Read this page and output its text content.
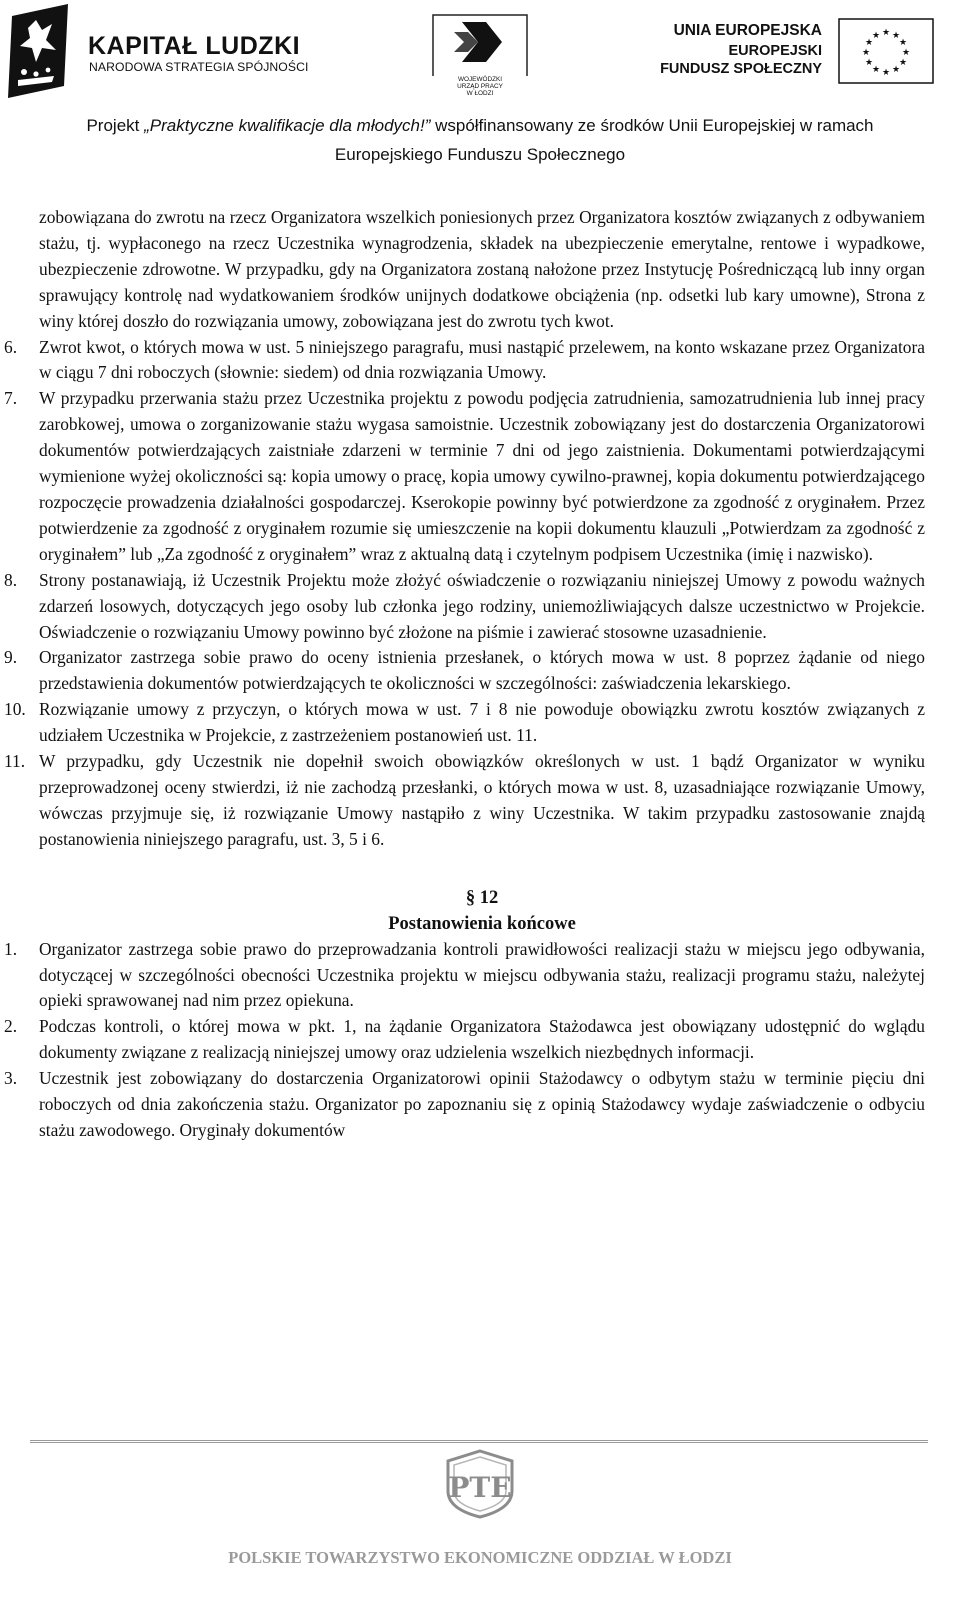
KAPITAŁ LUDZKI
NARODOWA STRATEGIA SPÓJNOŚCI
WOJEWÓDZKI
URZĄD PRACY
W ŁODZI
UNIA EUROPEJSKA
EUROPEJSKI
FUNDUSZ SPOŁECZNY
★ ★
★
★
★
★
★
★
★
★
★
★
Projekt „Praktyczne kwalifikacje dla młodych!” współfinansowany ze środków Unii Europejskiej w ramach
Europejskiego Funduszu Społecznego
zobowiązana do zwrotu na rzecz Organizatora wszelkich poniesionych przez Organizatora kosztów związanych z odbywaniem stażu, tj. wypłaconego na rzecz Uczestnika wynagrodzenia, składek na ubezpieczenie emerytalne, rentowe i wypadkowe, ubezpieczenie zdrowotne. W przypadku, gdy na Organizatora zostaną nałożone przez Instytucję Pośredniczącą lub inny organ sprawujący kontrolę nad wydatkowaniem środków unijnych dodatkowe obciążenia (np. odsetki lub kary umowne), Strona z winy której doszło do rozwiązania umowy, zobowiązana jest do zwrotu tych kwot.
6. Zwrot kwot, o których mowa w ust. 5 niniejszego paragrafu, musi nastąpić przelewem, na konto wskazane przez Organizatora w ciągu 7 dni roboczych (słownie: siedem) od dnia rozwiązania Umowy.
7. W przypadku przerwania stażu przez Uczestnika projektu z powodu podjęcia zatrudnienia, samozatrudnienia lub innej pracy zarobkowej, umowa o zorganizowanie stażu wygasa samoistnie. Uczestnik zobowiązany jest do dostarczenia Organizatorowi dokumentów potwierdzających zaistniałe zdarzeni w terminie 7 dni od jego zaistnienia. Dokumentami potwierdzającymi wymienione wyżej okoliczności są: kopia umowy o pracę, kopia umowy cywilno-prawnej, kopia dokumentu potwierdzającego rozpoczęcie prowadzenia działalności gospodarczej. Kserokopie powinny być potwierdzone za zgodność z oryginałem. Przez potwierdzenie za zgodność z oryginałem rozumie się umieszczenie na kopii dokumentu klauzuli „Potwierdzam za zgodność z oryginałem” lub „Za zgodność z oryginałem” wraz z aktualną datą i czytelnym podpisem Uczestnika (imię i nazwisko).
8. Strony postanawiają, iż Uczestnik Projektu może złożyć oświadczenie o rozwiązaniu niniejszej Umowy z powodu ważnych zdarzeń losowych, dotyczących jego osoby lub członka jego rodziny, uniemożliwiających dalsze uczestnictwo w Projekcie. Oświadczenie o rozwiązaniu Umowy powinno być złożone na piśmie i zawierać stosowne uzasadnienie.
9. Organizator zastrzega sobie prawo do oceny istnienia przesłanek, o których mowa w ust. 8 poprzez żądanie od niego przedstawienia dokumentów potwierdzających te okoliczności w szczególności: zaświadczenia lekarskiego.
10. Rozwiązanie umowy z przyczyn, o których mowa w ust. 7 i 8 nie powoduje obowiązku zwrotu kosztów związanych z udziałem Uczestnika w Projekcie, z zastrzeżeniem postanowień ust. 11.
11. W przypadku, gdy Uczestnik nie dopełnił swoich obowiązków określonych w ust. 1 bądź Organizator w wyniku przeprowadzonej oceny stwierdzi, iż nie zachodzą przesłanki, o których mowa w ust. 8, uzasadniające rozwiązanie Umowy, wówczas przyjmuje się, iż rozwiązanie Umowy nastąpiło z winy Uczestnika. W takim przypadku zastosowanie znajdą postanowienia niniejszego paragrafu, ust. 3, 5 i 6.
§ 12
Postanowienia końcowe
1. Organizator zastrzega sobie prawo do przeprowadzania kontroli prawidłowości realizacji stażu w miejscu jego odbywania, dotyczącej w szczególności obecności Uczestnika projektu w miejscu odbywania stażu, realizacji programu stażu, należytej opieki sprawowanej nad nim przez opiekuna.
2. Podczas kontroli, o której mowa w pkt. 1, na żądanie Organizatora Stażodawca jest obowiązany udostępnić do wglądu dokumenty związane z realizacją niniejszej umowy oraz udzielenia wszelkich niezbędnych informacji.
3. Uczestnik jest zobowiązany do dostarczenia Organizatorowi opinii Stażodawcy o odbytym stażu w terminie pięciu dni roboczych od dnia zakończenia stażu. Organizator po zapoznaniu się z opinią Stażodawcy wydaje zaświadczenie o odbyciu stażu zawodowego. Oryginały dokumentów
PTE
POLSKIE TOWARZYSTWO EKONOMICZNE ODDZIAŁ W ŁODZI
